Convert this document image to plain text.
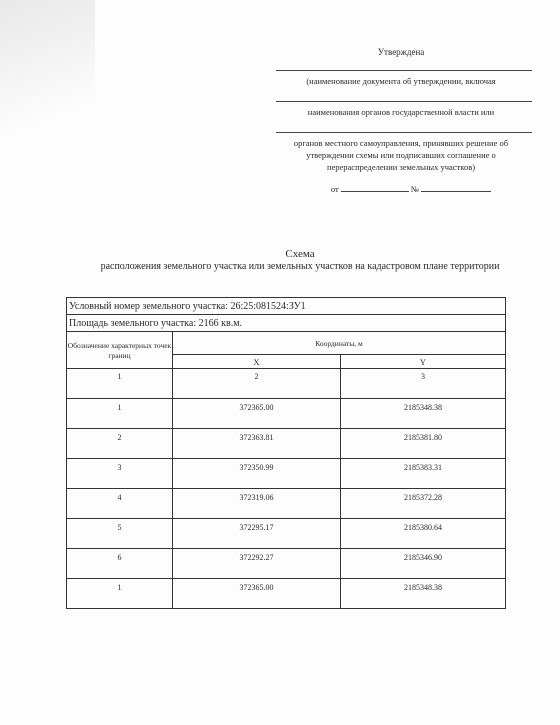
Утверждена
(наименование документа об утверждении, включая
наименования органов государственной власти или
органов местного самоуправления, принявших решение об утверждении схемы или подписавших соглашение о перераспределении земельных участков)
от	№
Схема
расположения земельного участка или земельных участков на кадастровом плане территории
Условный номер земельного участка: 26:25:081524:ЗУ1		
Площадь земельного участка: 2166 кв.м.		
Обозначение характерных точек границ	Координаты, м	
	X	Y
1	2	3
1	372365.00	2185348.38
2	372363.81	2185381.80
3	372350.99	2185383.31
4	372319.06	2185372.28
5	372295.17	2185380.64
6	372292.27	2185346.90
1	372365.00	2185348.38
